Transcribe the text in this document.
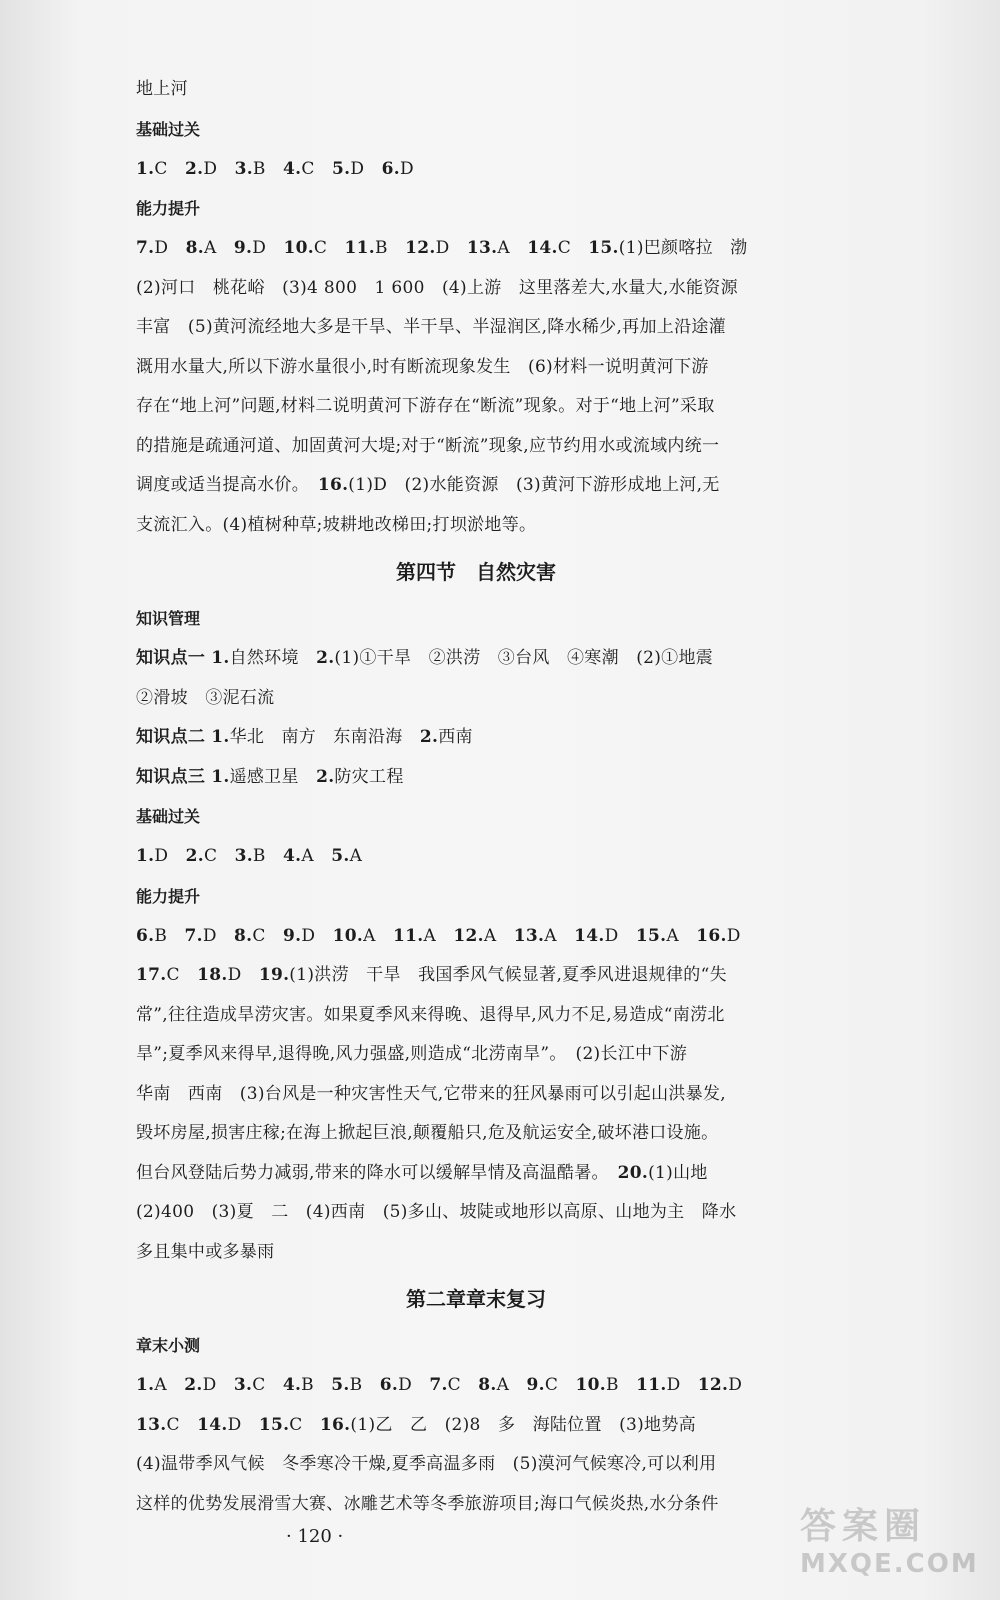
地上河
基础过关
1.C　2.D　3.B　4.C　5.D　6.D
能力提升
7.D　8.A　9.D　10.C　11.B　12.D　13.A　14.C　15.(1)巴颜喀拉　渤
(2)河口　桃花峪　(3)4 800　1 600　(4)上游　这里落差大,水量大,水能资源
丰富　(5)黄河流经地大多是干旱、半干旱、半湿润区,降水稀少,再加上沿途灌
溉用水量大,所以下游水量很小,时有断流现象发生　(6)材料一说明黄河下游
存在“地上河”问题,材料二说明黄河下游存在“断流”现象。对于“地上河”采取
的措施是疏通河道、加固黄河大堤;对于“断流”现象,应节约用水或流域内统一
调度或适当提高水价。　16.(1)D　(2)水能资源　(3)黄河下游形成地上河,无
支流汇入。(4)植树种草;坡耕地改梯田;打坝淤地等。
第四节　自然灾害
知识管理
知识点一 1.自然环境　2.(1)①干旱　②洪涝　③台风　④寒潮　(2)①地震
②滑坡　③泥石流
知识点二 1.华北　南方　东南沿海　2.西南
知识点三 1.遥感卫星　2.防灾工程
基础过关
1.D　2.C　3.B　4.A　5.A
能力提升
6.B　7.D　8.C　9.D　10.A　11.A　12.A　13.A　14.D　15.A　16.D
17.C　18.D　19.(1)洪涝　干旱　我国季风气候显著,夏季风进退规律的“失
常”,往往造成旱涝灾害。如果夏季风来得晚、退得早,风力不足,易造成“南涝北
旱”;夏季风来得早,退得晚,风力强盛,则造成“北涝南旱”。　(2)长江中下游
华南　西南　(3)台风是一种灾害性天气,它带来的狂风暴雨可以引起山洪暴发,
毁坏房屋,损害庄稼;在海上掀起巨浪,颠覆船只,危及航运安全,破坏港口设施。
但台风登陆后势力减弱,带来的降水可以缓解旱情及高温酷暑。　20.(1)山地
(2)400　(3)夏　二　(4)西南　(5)多山、坡陡或地形以高原、山地为主　降水
多且集中或多暴雨
第二章章末复习
章末小测
1.A　2.D　3.C　4.B　5.B　6.D　7.C　8.A　9.C　10.B　11.D　12.D
13.C　14.D　15.C　16.(1)乙　乙　(2)8　多　海陆位置　(3)地势高
(4)温带季风气候　冬季寒冷干燥,夏季高温多雨　(5)漠河气候寒冷,可以利用
这样的优势发展滑雪大赛、冰雕艺术等冬季旅游项目;海口气候炎热,水分条件
· 120 ·	答案圈
MXQE.COM
